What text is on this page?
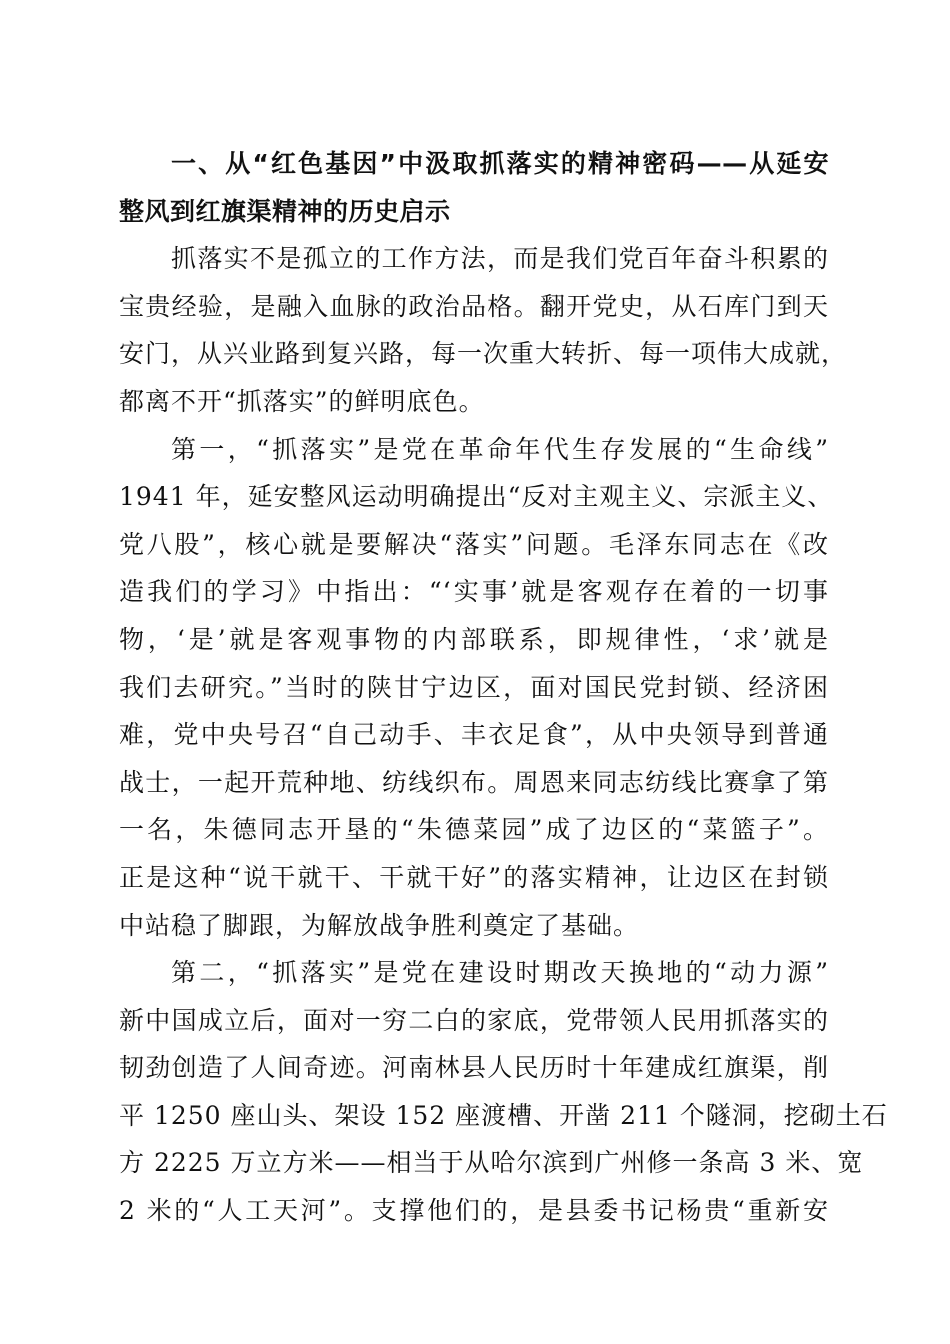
一、从“红色基因”中汲取抓落实的精神密码——从延安
整风到红旗渠精神的历史启示
抓落实不是孤立的工作方法，而是我们党百年奋斗积累的
宝贵经验，是融入血脉的政治品格。翻开党史，从石库门到天
安门，从兴业路到复兴路，每一次重大转折、每一项伟大成就，
都离不开“抓落实”的鲜明底色。
第一，“抓落实”是党在革命年代生存发展的“生命线”
1941 年，延安整风运动明确提出“反对主观主义、宗派主义、
党八股”，核心就是要解决“落实”问题。毛泽东同志在《改
造我们的学习》中指出：“‘实事’就是客观存在着的一切事
物，‘是’就是客观事物的内部联系，即规律性，‘求’就是
我们去研究。”当时的陕甘宁边区，面对国民党封锁、经济困
难，党中央号召“自己动手、丰衣足食”，从中央领导到普通
战士，一起开荒种地、纺线织布。周恩来同志纺线比赛拿了第
一名，朱德同志开垦的“朱德菜园”成了边区的“菜篮子”。
正是这种“说干就干、干就干好”的落实精神，让边区在封锁
中站稳了脚跟，为解放战争胜利奠定了基础。
第二，“抓落实”是党在建设时期改天换地的“动力源”
新中国成立后，面对一穷二白的家底，党带领人民用抓落实的
韧劲创造了人间奇迹。河南林县人民历时十年建成红旗渠，削
平 1250 座山头、架设 152 座渡槽、开凿 211 个隧洞，挖砌土石
方 2225 万立方米——相当于从哈尔滨到广州修一条高 3 米、宽
2 米的“人工天河”。支撑他们的，是县委书记杨贵“重新安
